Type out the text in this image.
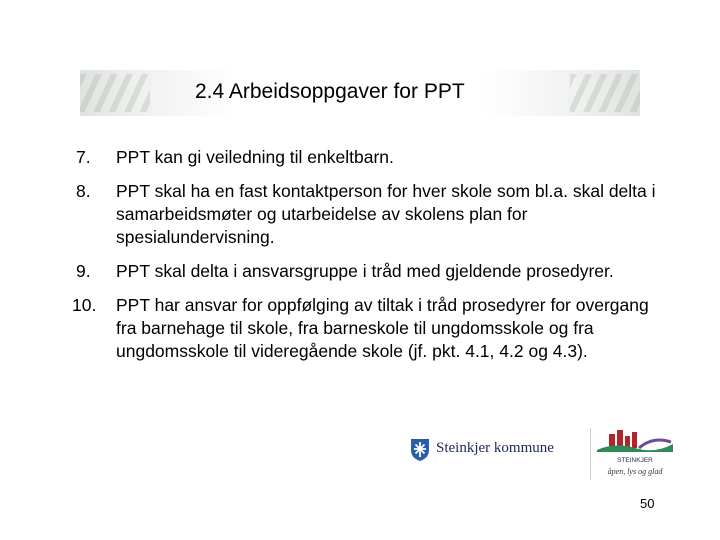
2.4 Arbeidsoppgaver for PPT
7.	PPT kan gi veiledning til enkeltbarn.
8.	PPT skal ha en fast kontaktperson for hver skole som bl.a. skal delta i samarbeidsmøter og utarbeidelse av skolens plan for spesialundervisning.
9.	PPT skal delta i ansvarsgruppe i tråd med gjeldende prosedyrer.
10.	PPT har ansvar for oppfølging av tiltak i tråd prosedyrer for overgang fra barnehage til skole, fra barneskole til ungdomsskole og fra ungdomsskole til videregående skole (jf. pkt. 4.1, 4.2 og 4.3).
Steinkjer kommune
STEINKJER
åpen, lys og glad
50
